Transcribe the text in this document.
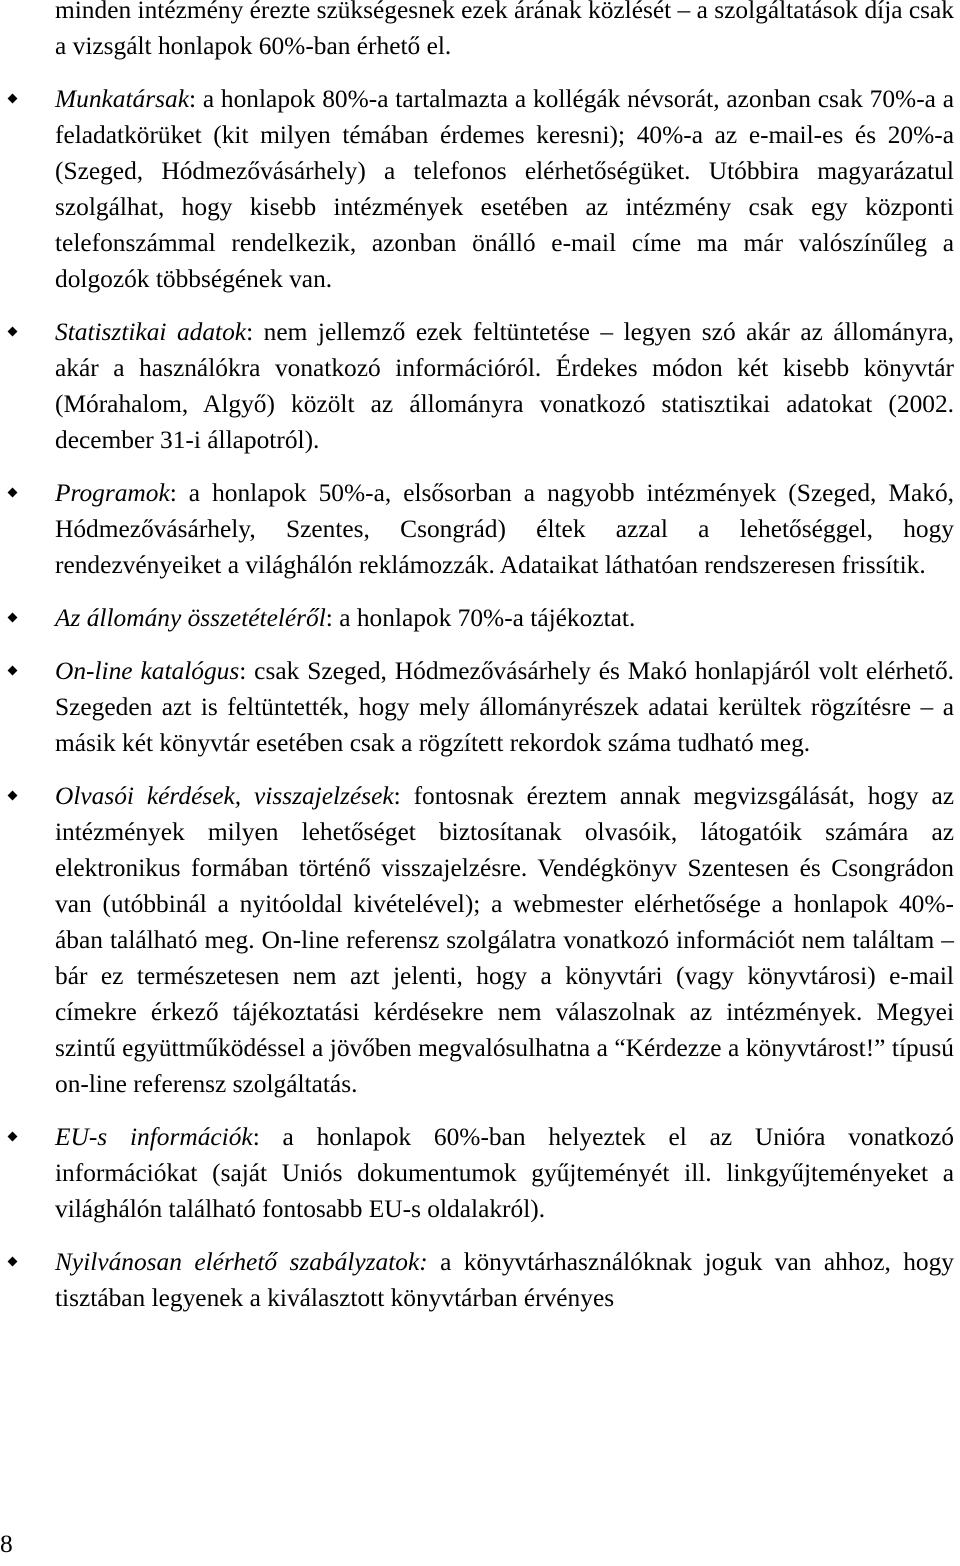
minden intézmény érezte szükségesnek ezek árának közlését – a szolgáltatások díja csak a vizsgált honlapok 60%-ban érhető el.

Munkatársak: a honlapok 80%-a tartalmazta a kollégák névsorát, azonban csak 70%-a a feladatkörüket (kit milyen témában érdemes keresni); 40%-a az e-mail-es és 20%-a (Szeged, Hódmezővásárhely) a telefonos elérhetőségüket. Utóbbira magyarázatul szolgálhat, hogy kisebb intézmények esetében az intézmény csak egy központi telefonszámmal rendelkezik, azonban önálló e-mail címe ma már valószínűleg a dolgozók többségének van.

Statisztikai adatok: nem jellemző ezek feltüntetése – legyen szó akár az állományra, akár a használókra vonatkozó információról. Érdekes módon két kisebb könyvtár (Mórahalom, Algyő) közölt az állományra vonatkozó statisztikai adatokat (2002. december 31-i állapotról).

Programok: a honlapok 50%-a, elsősorban a nagyobb intézmények (Szeged, Makó, Hódmezővásárhely, Szentes, Csongrád) éltek azzal a lehetőséggel, hogy rendezvényeiket a világhálón reklámozzák. Adataikat láthatóan rendszeresen frissítik.

Az állomány összetételéről: a honlapok 70%-a tájékoztat.

On-line katalógus: csak Szeged, Hódmezővásárhely és Makó honlapjáról volt elérhető. Szegeden azt is feltüntették, hogy mely állományrészek adatai kerültek rögzítésre – a másik két könyvtár esetében csak a rögzített rekordok száma tudható meg.

Olvasói kérdések, visszajelzések: fontosnak éreztem annak megvizsgálását, hogy az intézmények milyen lehetőséget biztosítanak olvasóik, látogatóik számára az elektronikus formában történő visszajelzésre. Vendégkönyv Szentesen és Csongrádon van (utóbbinál a nyitóoldal kivételével); a webmester elérhetősége a honlapok 40%-ában található meg. On-line referensz szolgálatra vonatkozó információt nem találtam – bár ez természetesen nem azt jelenti, hogy a könyvtári (vagy könyvtárosi) e-mail címekre érkező tájékoztatási kérdésekre nem válaszolnak az intézmények. Megyei szintű együttműködéssel a jövőben megvalósulhatna a “Kérdezze a könyvtárost!” típusú on-line referensz szolgáltatás.

EU-s információk: a honlapok 60%-ban helyeztek el az Unióra vonatkozó információkat (saját Uniós dokumentumok gyűjteményét ill. linkgyűjteményeket a világhálón található fontosabb EU-s oldalakról).

Nyilvánosan elérhető szabályzatok: a könyvtárhasználóknak joguk van ahhoz, hogy tisztában legyenek a kiválasztott könyvtárban érvényes

8
